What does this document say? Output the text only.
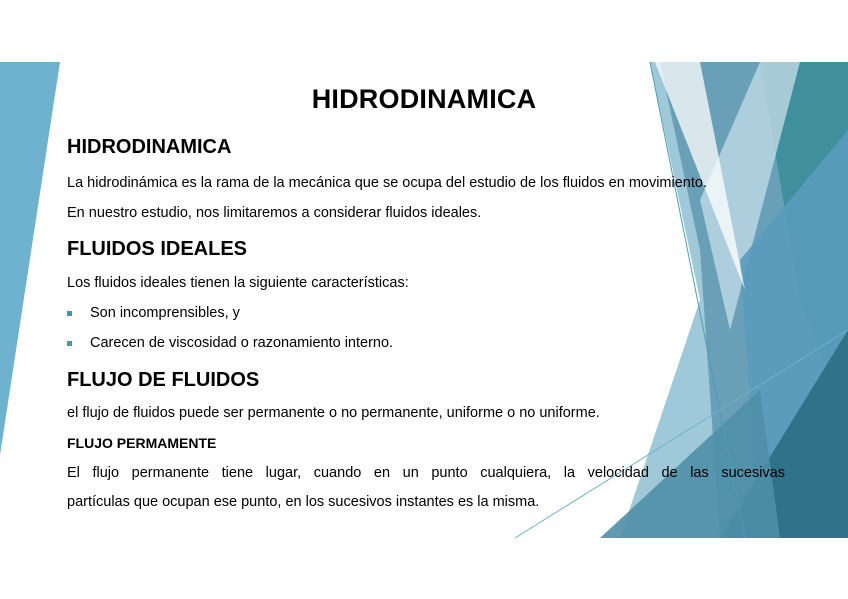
HIDRODINAMICA
HIDRODINAMICA
La hidrodinámica es la rama de la mecánica que se ocupa del estudio de los fluidos en movimiento.
En nuestro estudio, nos limitaremos a considerar fluidos ideales.
FLUIDOS IDEALES
Los fluidos ideales tienen la siguiente características:
Son incomprensibles, y
Carecen de viscosidad o razonamiento interno.
FLUJO DE FLUIDOS
el flujo de fluidos puede ser permanente o no permanente, uniforme o no uniforme.
FLUJO PERMAMENTE
El flujo permanente tiene lugar, cuando en un punto cualquiera, la velocidad de las sucesivas
partículas que ocupan ese punto, en los sucesivos instantes es la misma.
